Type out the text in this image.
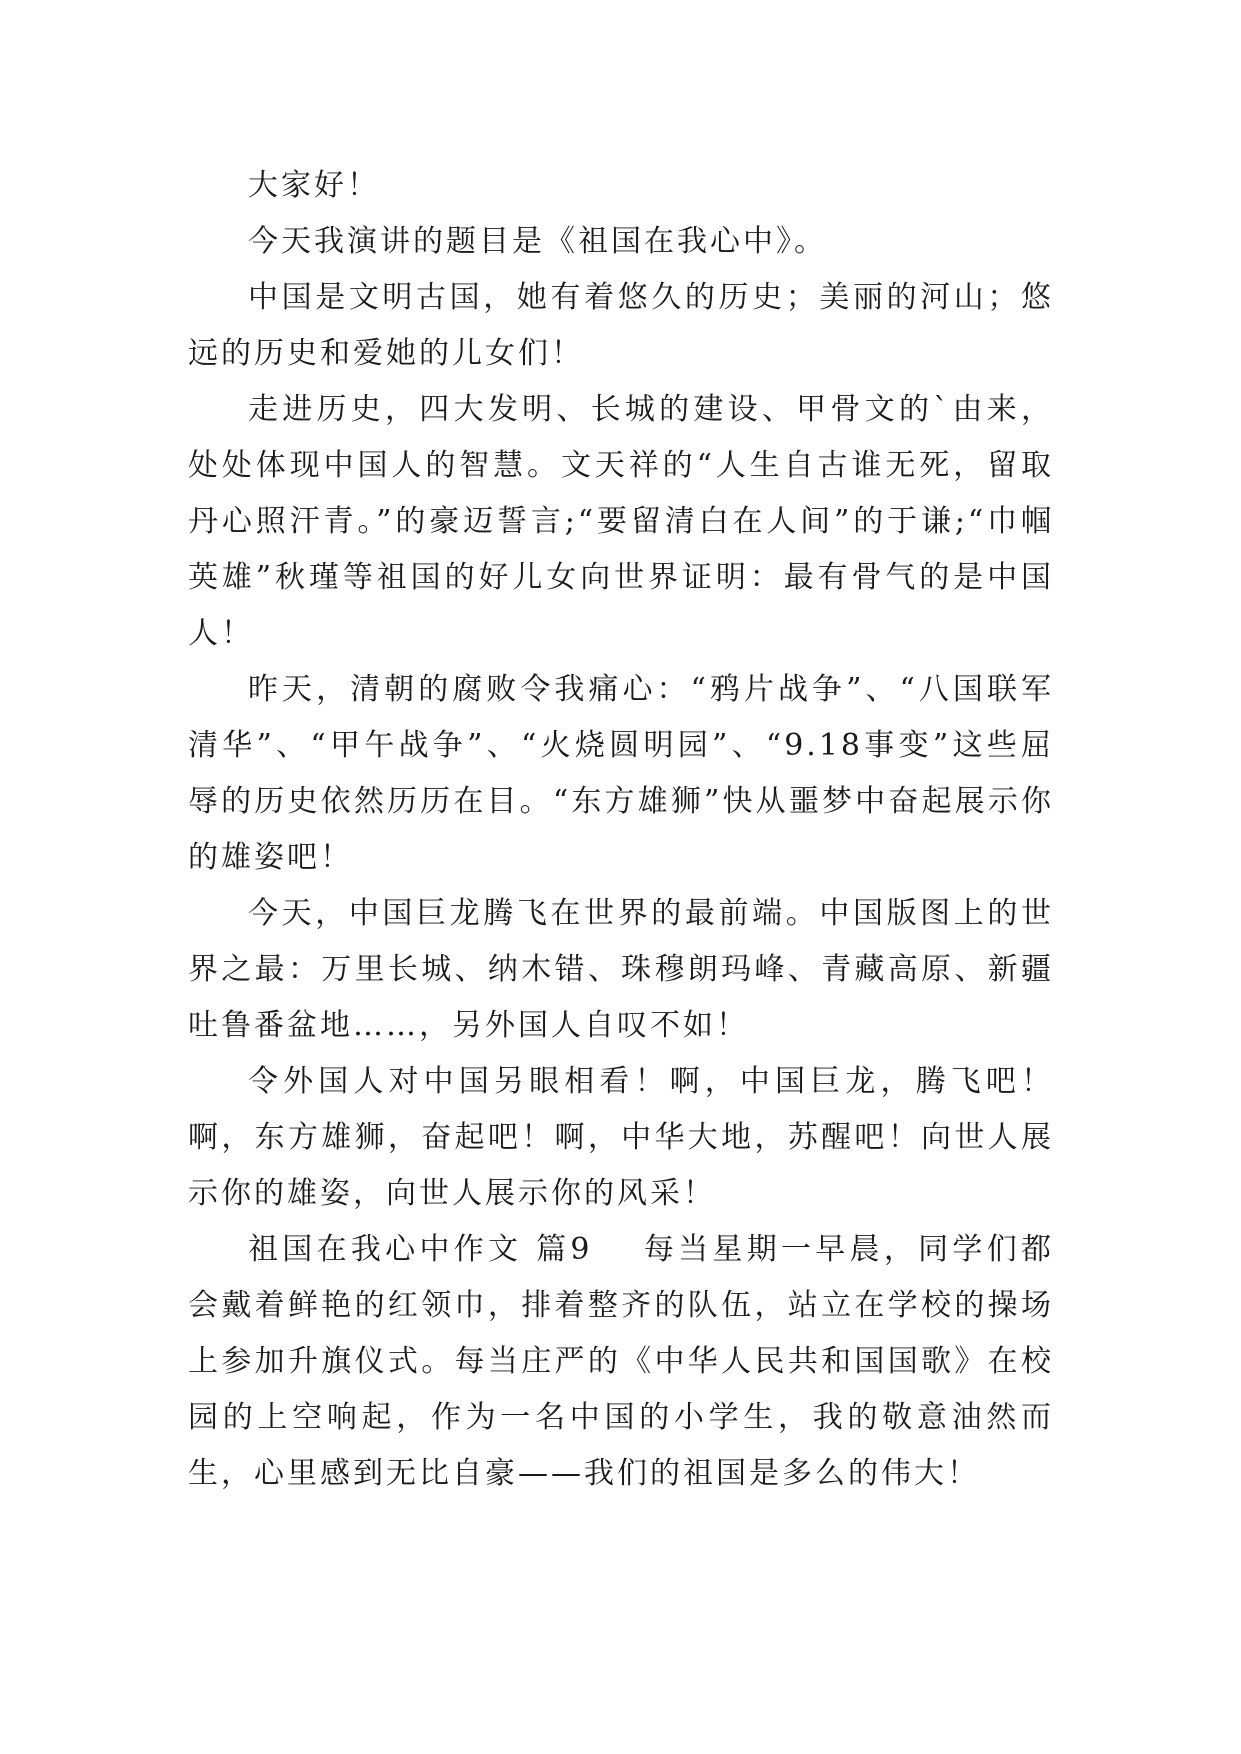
大家好！

今天我演讲的题目是《祖国在我心中》。

中国是文明古国，她有着悠久的历史；美丽的河山；悠远的历史和爱她的儿女们！

走进历史，四大发明、长城的建设、甲骨文的`由来，处处体现中国人的智慧。文天祥的“人生自古谁无死，留取丹心照汗青。”的豪迈誓言;“要留清白在人间”的于谦;“巾帼英雄”秋瑾等祖国的好儿女向世界证明：最有骨气的是中国人！

昨天，清朝的腐败令我痛心：“鸦片战争”、“八国联军清华”、“甲午战争”、“火烧圆明园”、“9.18事变”这些屈辱的历史依然历历在目。“东方雄狮”快从噩梦中奋起展示你的雄姿吧！

今天，中国巨龙腾飞在世界的最前端。中国版图上的世界之最：万里长城、纳木错、珠穆朗玛峰、青藏高原、新疆吐鲁番盆地……，另外国人自叹不如！

令外国人对中国另眼相看！啊，中国巨龙，腾飞吧！啊，东方雄狮，奋起吧！啊，中华大地，苏醒吧！向世人展示你的雄姿，向世人展示你的风采！

祖国在我心中作文 篇9 每当星期一早晨，同学们都会戴着鲜艳的红领巾，排着整齐的队伍，站立在学校的操场上参加升旗仪式。每当庄严的《中华人民共和国国歌》在校园的上空响起，作为一名中国的小学生，我的敬意油然而生，心里感到无比自豪——我们的祖国是多么的伟大！
